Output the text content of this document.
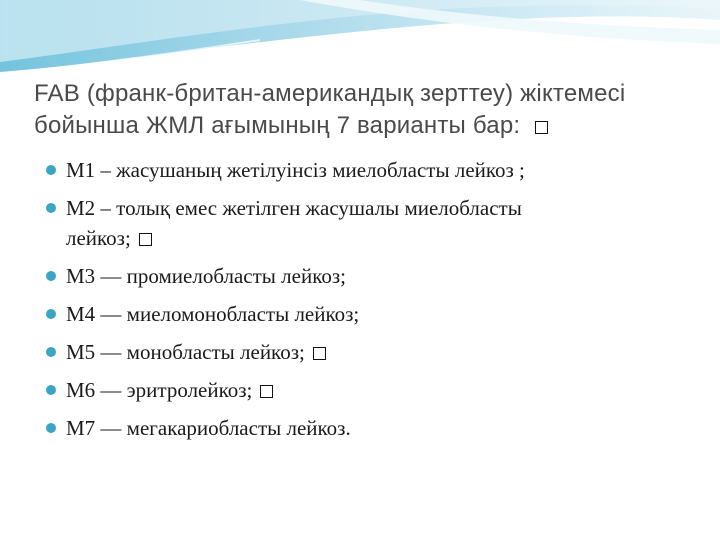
FAB (франк-британ-американдық зерттеу) жіктемесі
бойынша ЖМЛ ағымының 7 варианты бар:
М1 – жасушаның жетілуінсіз миелобласты лейкоз ;
М2 – толық емес жетілген жасушалы миелобласты
лейкоз;
М3 — промиелобласты лейкоз;
М4 — миеломонобласты лейкоз;
М5 — монобласты лейкоз;
М6 — эритролейкоз;
М7 — мегакариобласты лейкоз.
